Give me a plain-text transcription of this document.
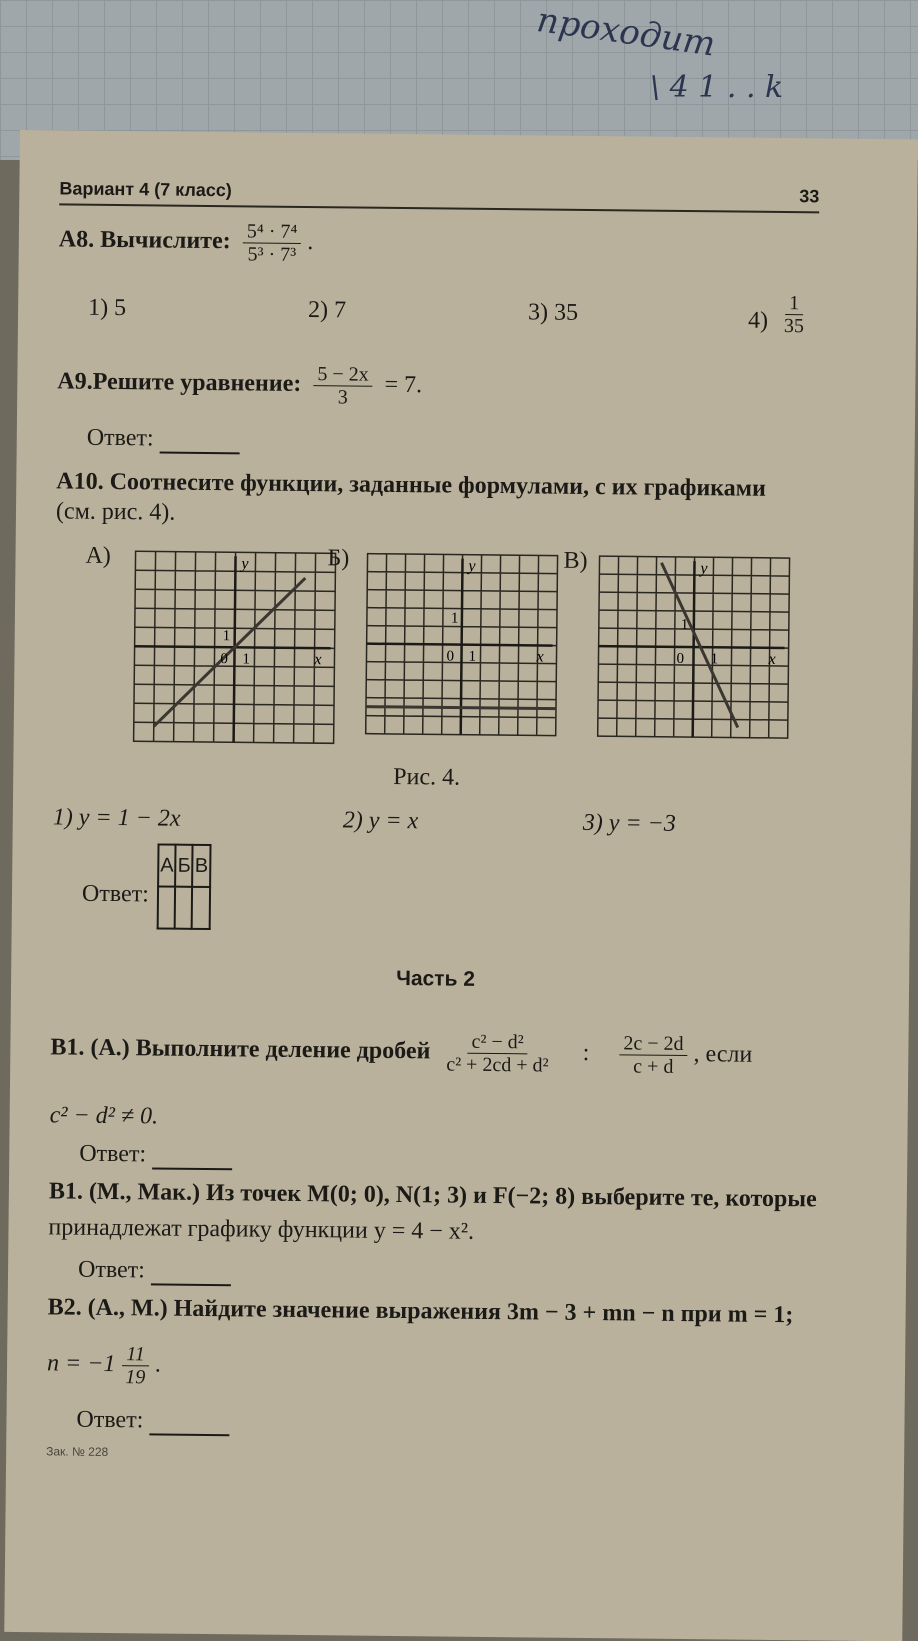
проходит
\ 4 1 . . k
Вариант 4 (7 класс)	33
А8. Вычислите: $\frac{\text{5⁴ · 7⁴}}{\text{5³ · 7³}}$ .
1) 5	2) 7	3) 35	$4) \frac{1}{35}$
А9.Решите уравнение: $\frac{5 - 2x}{3} = 7$.
Ответ:
А10. Соотнесите функции, заданные формулами, с их графиками
(см. рис. 4).
А)	y
x
0 1
1
Б)	y
x
0 1
1
В)	y
x
0 1
1
Рис. 4.
1) y = 1 − 2x	2) y = x	3) y = −3
Ответ:
А	Б	В

Часть 2
В1. (А.) Выполните деление дробей $\frac{\text{c² − d²}}{\text{c² + 2cd + d²}}$ : $\frac{2c - 2d}{c + d}$ , если
c² − d² ≠ 0.
Ответ:
В1. (М., Мак.) Из точек M(0; 0), N(1; 3) и F(−2; 8) выберите те, которые
принадлежат графику функции y = 4 − x².
Ответ:
В2. (А., М.) Найдите значение выражения 3m − 3 + mn − n при m = 1;
$n = -1 \frac{11}{19}$ .
Ответ:
Зак. № 228
